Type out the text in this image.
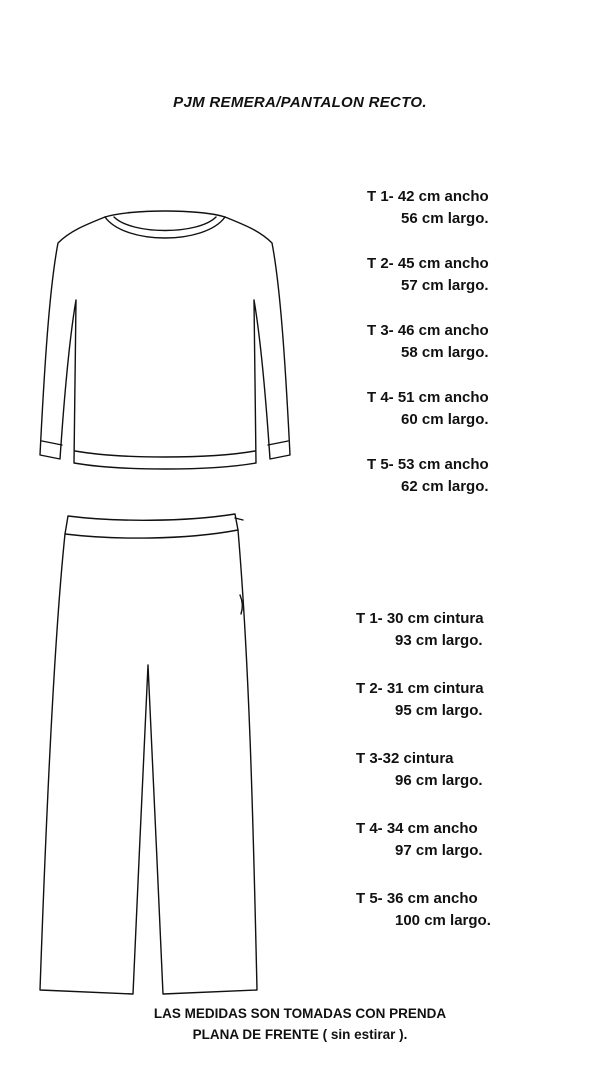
PJM REMERA/PANTALON RECTO.
T 1- 42 cm ancho
56 cm largo.
T 2- 45 cm ancho
57 cm largo.
T 3- 46 cm ancho
58 cm largo.
T 4- 51 cm ancho
60 cm largo.
T 5- 53 cm ancho
62 cm largo.
T 1- 30 cm cintura
93 cm largo.
T 2- 31 cm cintura
95 cm largo.
T 3-32 cintura
96 cm largo.
T 4- 34 cm ancho
97 cm largo.
T 5- 36 cm ancho
100 cm largo.
LAS MEDIDAS SON TOMADAS CON PRENDA
PLANA DE FRENTE ( sin estirar ).
